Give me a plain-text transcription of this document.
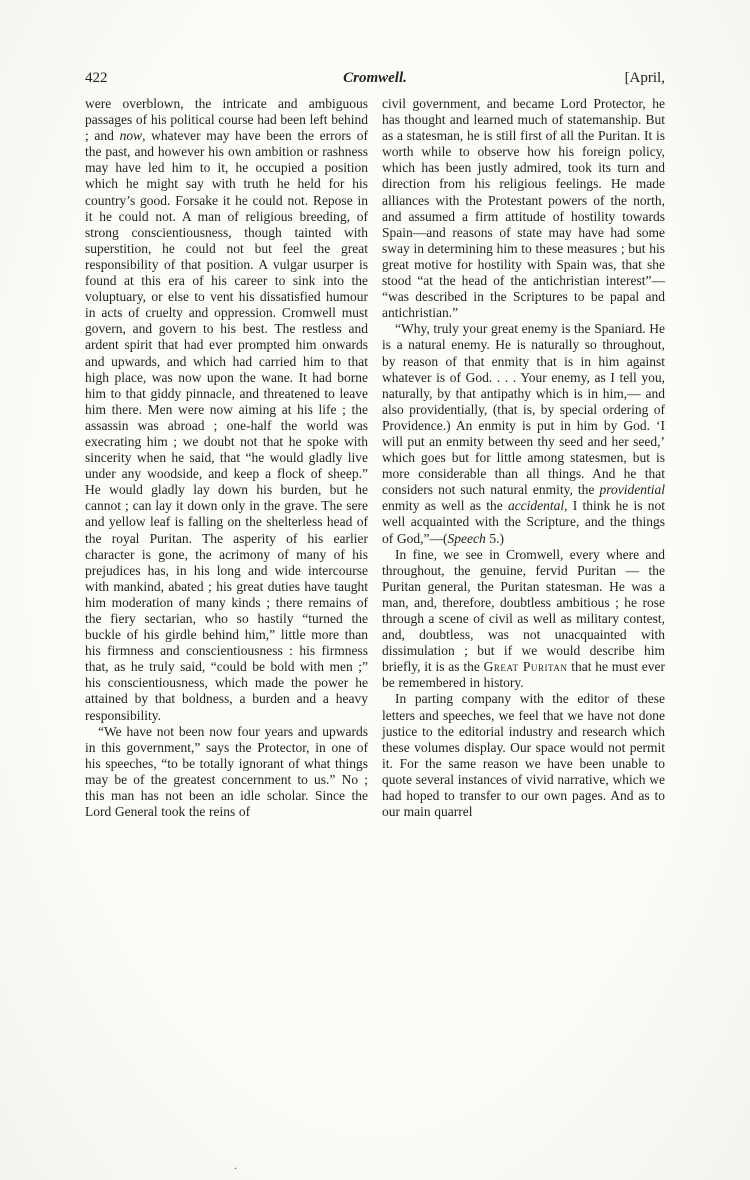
422	Cromwell.	[April,

were overblown, the intricate and ambiguous passages of his political course had been left behind ; and now, whatever may have been the errors of the past, and however his own ambition or rashness may have led him to it, he occupied a position which he might say with truth he held for his country’s good. Forsake it he could not. Repose in it he could not. A man of religious breeding, of strong conscientiousness, though tainted with superstition, he could not but feel the great responsibility of that position. A vulgar usurper is found at this era of his career to sink into the voluptuary, or else to vent his dissatisfied humour in acts of cruelty and oppression. Cromwell must govern, and govern to his best. The restless and ardent spirit that had ever prompted him onwards and upwards, and which had carried him to that high place, was now upon the wane. It had borne him to that giddy pinnacle, and threatened to leave him there. Men were now aiming at his life ; the assassin was abroad ; one-half the world was execrating him ; we doubt not that he spoke with sincerity when he said, that “he would gladly live under any woodside, and keep a flock of sheep.” He would gladly lay down his burden, but he cannot ; can lay it down only in the grave. The sere and yellow leaf is falling on the shelterless head of the royal Puritan. The asperity of his earlier character is gone, the acrimony of many of his prejudices has, in his long and wide intercourse with mankind, abated ; his great duties have taught him moderation of many kinds ; there remains of the fiery sectarian, who so hastily “turned the buckle of his girdle behind him,” little more than his firmness and conscientiousness : his firmness that, as he truly said, “could be bold with men ;” his conscientiousness, which made the power he attained by that boldness, a burden and a heavy responsibility.

“We have not been now four years and upwards in this government,” says the Protector, in one of his speeches, “to be totally ignorant of what things may be of the greatest concernment to us.” No ; this man has not been an idle scholar. Since the Lord General took the reins of

civil government, and became Lord Protector, he has thought and learned much of statemanship. But as a statesman, he is still first of all the Puritan. It is worth while to observe how his foreign policy, which has been justly admired, took its turn and direction from his religious feelings. He made alliances with the Protestant powers of the north, and assumed a firm attitude of hostility towards Spain—and reasons of state may have had some sway in determining him to these measures ; but his great motive for hostility with Spain was, that she stood “at the head of the antichristian interest”— “was described in the Scriptures to be papal and antichristian.”

“Why, truly your great enemy is the Spaniard. He is a natural enemy. He is naturally so throughout, by reason of that enmity that is in him against whatever is of God. . . . Your enemy, as I tell you, naturally, by that antipathy which is in him,— and also providentially, (that is, by special ordering of Providence.) An enmity is put in him by God. ‘I will put an enmity between thy seed and her seed,’ which goes but for little among statesmen, but is more considerable than all things. And he that considers not such natural enmity, the providential enmity as well as the accidental, I think he is not well acquainted with the Scripture, and the things of God,”—(Speech 5.)

In fine, we see in Cromwell, every where and throughout, the genuine, fervid Puritan — the Puritan general, the Puritan statesman. He was a man, and, therefore, doubtless ambitious ; he rose through a scene of civil as well as military contest, and, doubtless, was not unacquainted with dissimulation ; but if we would describe him briefly, it is as the Great Puritan that he must ever be remembered in history.

In parting company with the editor of these letters and speeches, we feel that we have not done justice to the editorial industry and research which these volumes display. Our space would not permit it. For the same reason we have been unable to quote several instances of vivid narrative, which we had hoped to transfer to our own pages. And as to our main quarrel

.
